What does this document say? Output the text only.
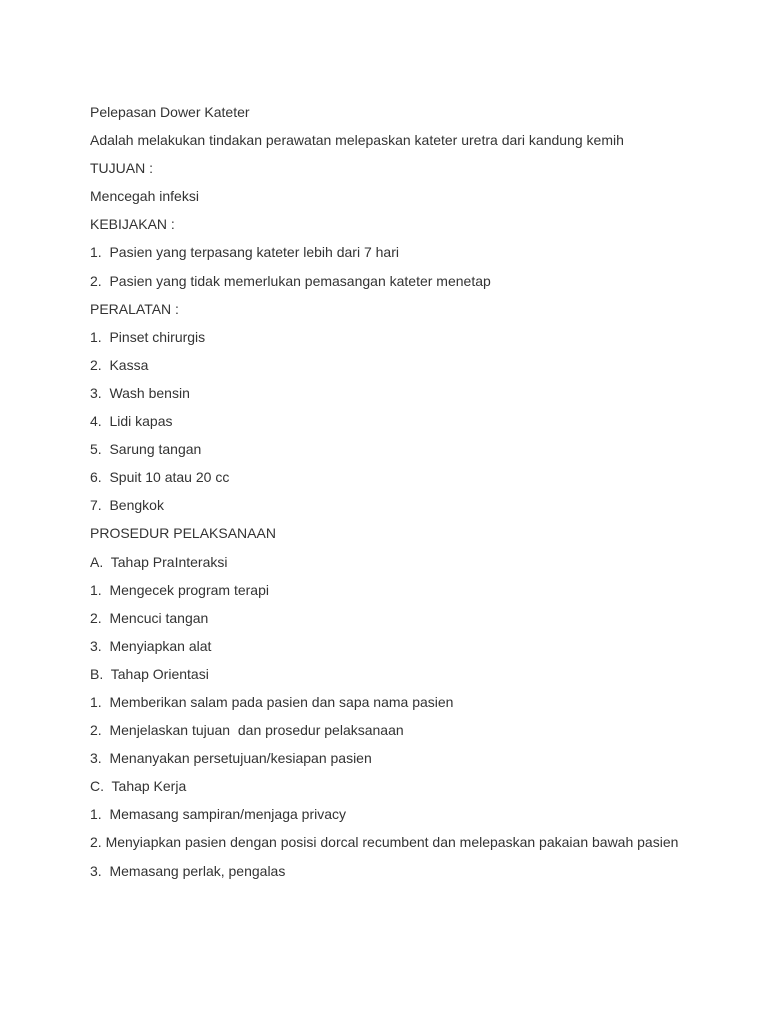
Pelepasan Dower Kateter

Adalah melakukan tindakan perawatan melepaskan kateter uretra dari kandung kemih

TUJUAN :

Mencegah infeksi

KEBIJAKAN :

1.  Pasien yang terpasang kateter lebih dari 7 hari

2.  Pasien yang tidak memerlukan pemasangan kateter menetap

PERALATAN :

1.  Pinset chirurgis

2.  Kassa

3.  Wash bensin

4.  Lidi kapas

5.  Sarung tangan

6.  Spuit 10 atau 20 cc

7.  Bengkok

PROSEDUR PELAKSANAAN

A.  Tahap PraInteraksi

1.  Mengecek program terapi

2.  Mencuci tangan

3.  Menyiapkan alat

B.  Tahap Orientasi

1.  Memberikan salam pada pasien dan sapa nama pasien

2.  Menjelaskan tujuan  dan prosedur pelaksanaan

3.  Menanyakan persetujuan/kesiapan pasien

C.  Tahap Kerja

1.  Memasang sampiran/menjaga privacy

2. Menyiapkan pasien dengan posisi dorcal recumbent dan melepaskan pakaian bawah pasien

3.  Memasang perlak, pengalas
